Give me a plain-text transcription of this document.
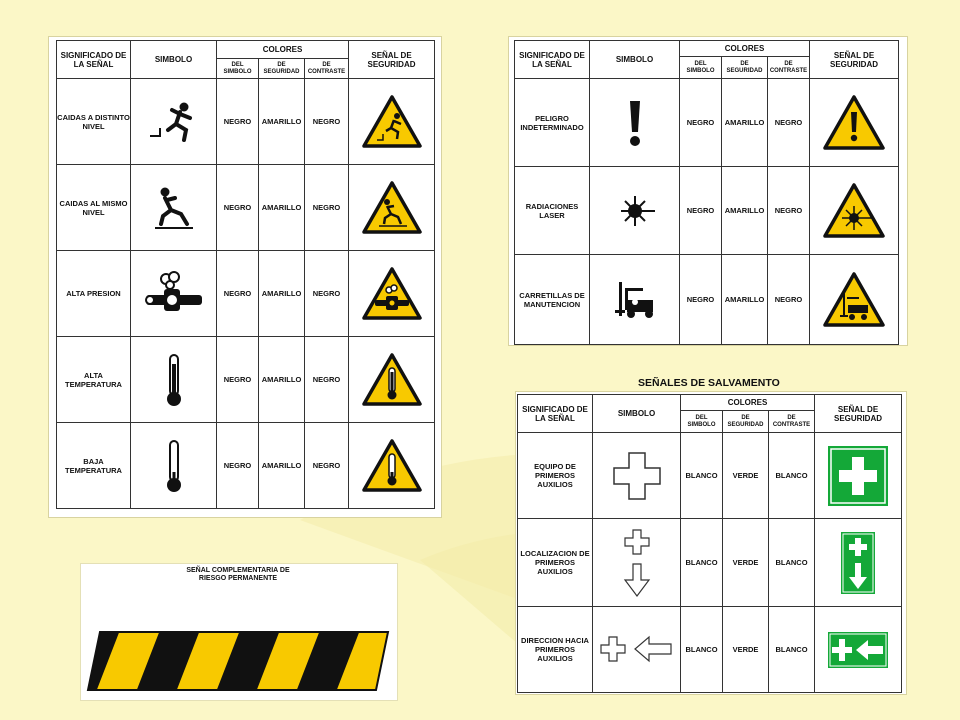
SIGNIFICADO DE LA SEÑAL	SIMBOLO	COLORES			SEÑAL DE SEGURIDAD
		DEL SIMBOLO	DE SEGURIDAD	DE CONTRASTE	
CAIDAS A DISTINTO NIVEL		NEGRO	AMARILLO	NEGRO	

CAIDAS AL MISMO NIVEL		NEGRO	AMARILLO	NEGRO	

ALTA PRESION		NEGRO	AMARILLO	NEGRO	

ALTA TEMPERATURA		NEGRO	AMARILLO	NEGRO	

BAJA TEMPERATURA		NEGRO	AMARILLO	NEGRO	
SEÑAL COMPLEMENTARIA DE RIESGO PERMANENTE
SIGNIFICADO DE LA SEÑAL	SIMBOLO	COLORES			SEÑAL DE SEGURIDAD
		DEL SIMBOLO	DE SEGURIDAD	DE CONTRASTE	
PELIGRO INDETERMINADO		NEGRO	AMARILLO	NEGRO	

RADIACIONES LASER		NEGRO	AMARILLO	NEGRO	

CARRETILLAS DE MANUTENCION		NEGRO	AMARILLO	NEGRO	
SEÑALES DE SALVAMENTO
SIGNIFICADO DE LA SEÑAL	SIMBOLO	COLORES			SEÑAL DE SEGURIDAD
		DEL SIMBOLO	DE SEGURIDAD	DE CONTRASTE	
EQUIPO DE PRIMEROS AUXILIOS		BLANCO	VERDE	BLANCO	

LOCALIZACION DE PRIMEROS AUXILIOS		BLANCO	VERDE	BLANCO	

DIRECCION HACIA PRIMEROS AUXILIOS		BLANCO	VERDE	BLANCO	
